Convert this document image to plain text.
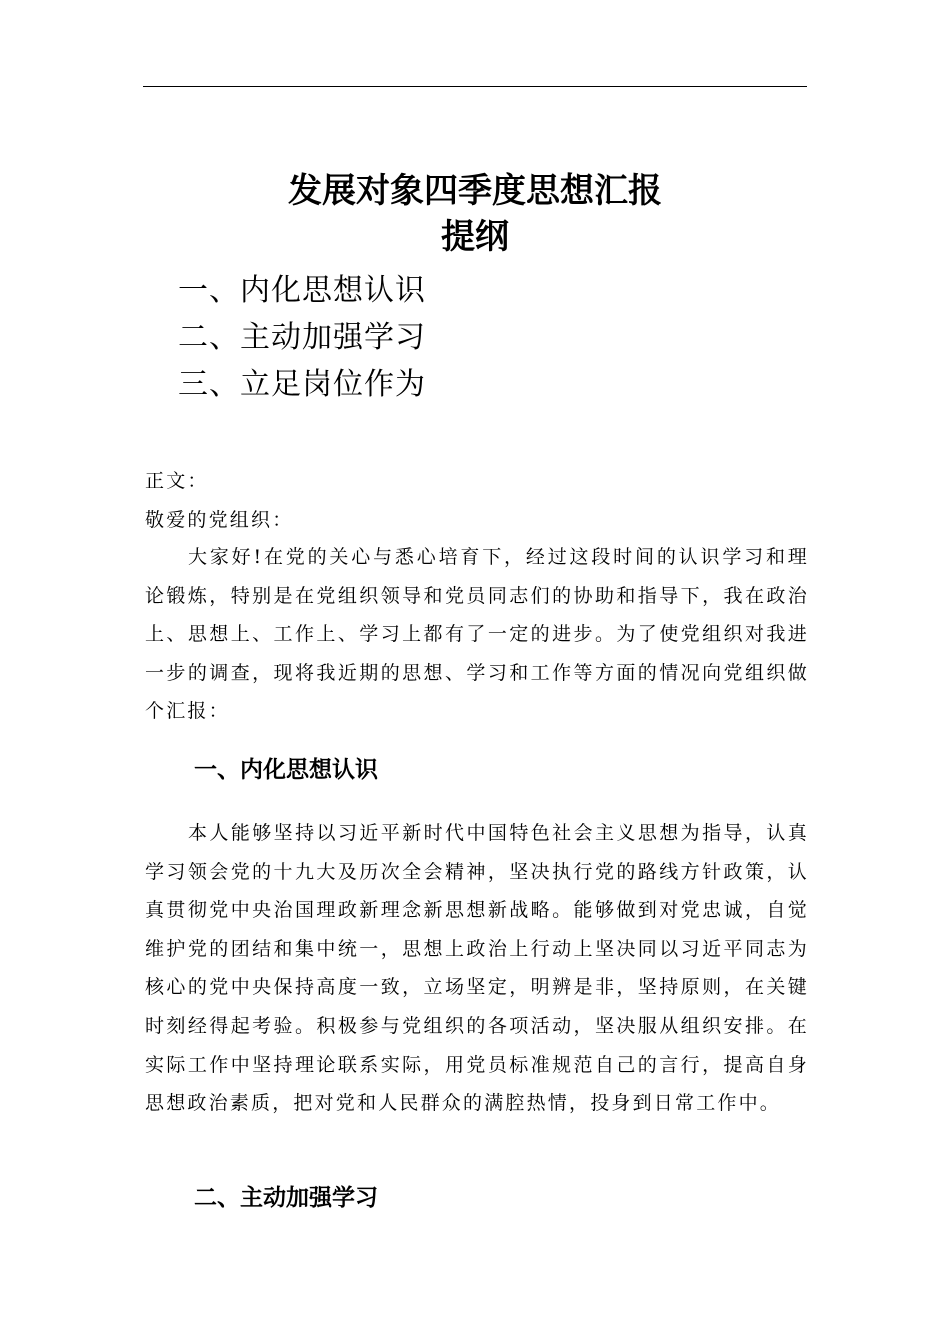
发展对象四季度思想汇报
提纲
一、内化思想认识
二、主动加强学习
三、立足岗位作为

正文：

敬爱的党组织：

大家好!在党的关心与悉心培育下，经过这段时间的认识学习和理论锻炼，特别是在党组织领导和党员同志们的协助和指导下，我在政治上、思想上、工作上、学习上都有了一定的进步。为了使党组织对我进一步的调查，现将我近期的思想、学习和工作等方面的情况向党组织做个汇报：

一、内化思想认识

本人能够坚持以习近平新时代中国特色社会主义思想为指导，认真学习领会党的十九大及历次全会精神，坚决执行党的路线方针政策，认真贯彻党中央治国理政新理念新思想新战略。能够做到对党忠诚，自觉维护党的团结和集中统一，思想上政治上行动上坚决同以习近平同志为核心的党中央保持高度一致，立场坚定，明辨是非，坚持原则，在关键时刻经得起考验。积极参与党组织的各项活动，坚决服从组织安排。在实际工作中坚持理论联系实际，用党员标准规范自己的言行，提高自身思想政治素质，把对党和人民群众的满腔热情，投身到日常工作中。

二、主动加强学习
